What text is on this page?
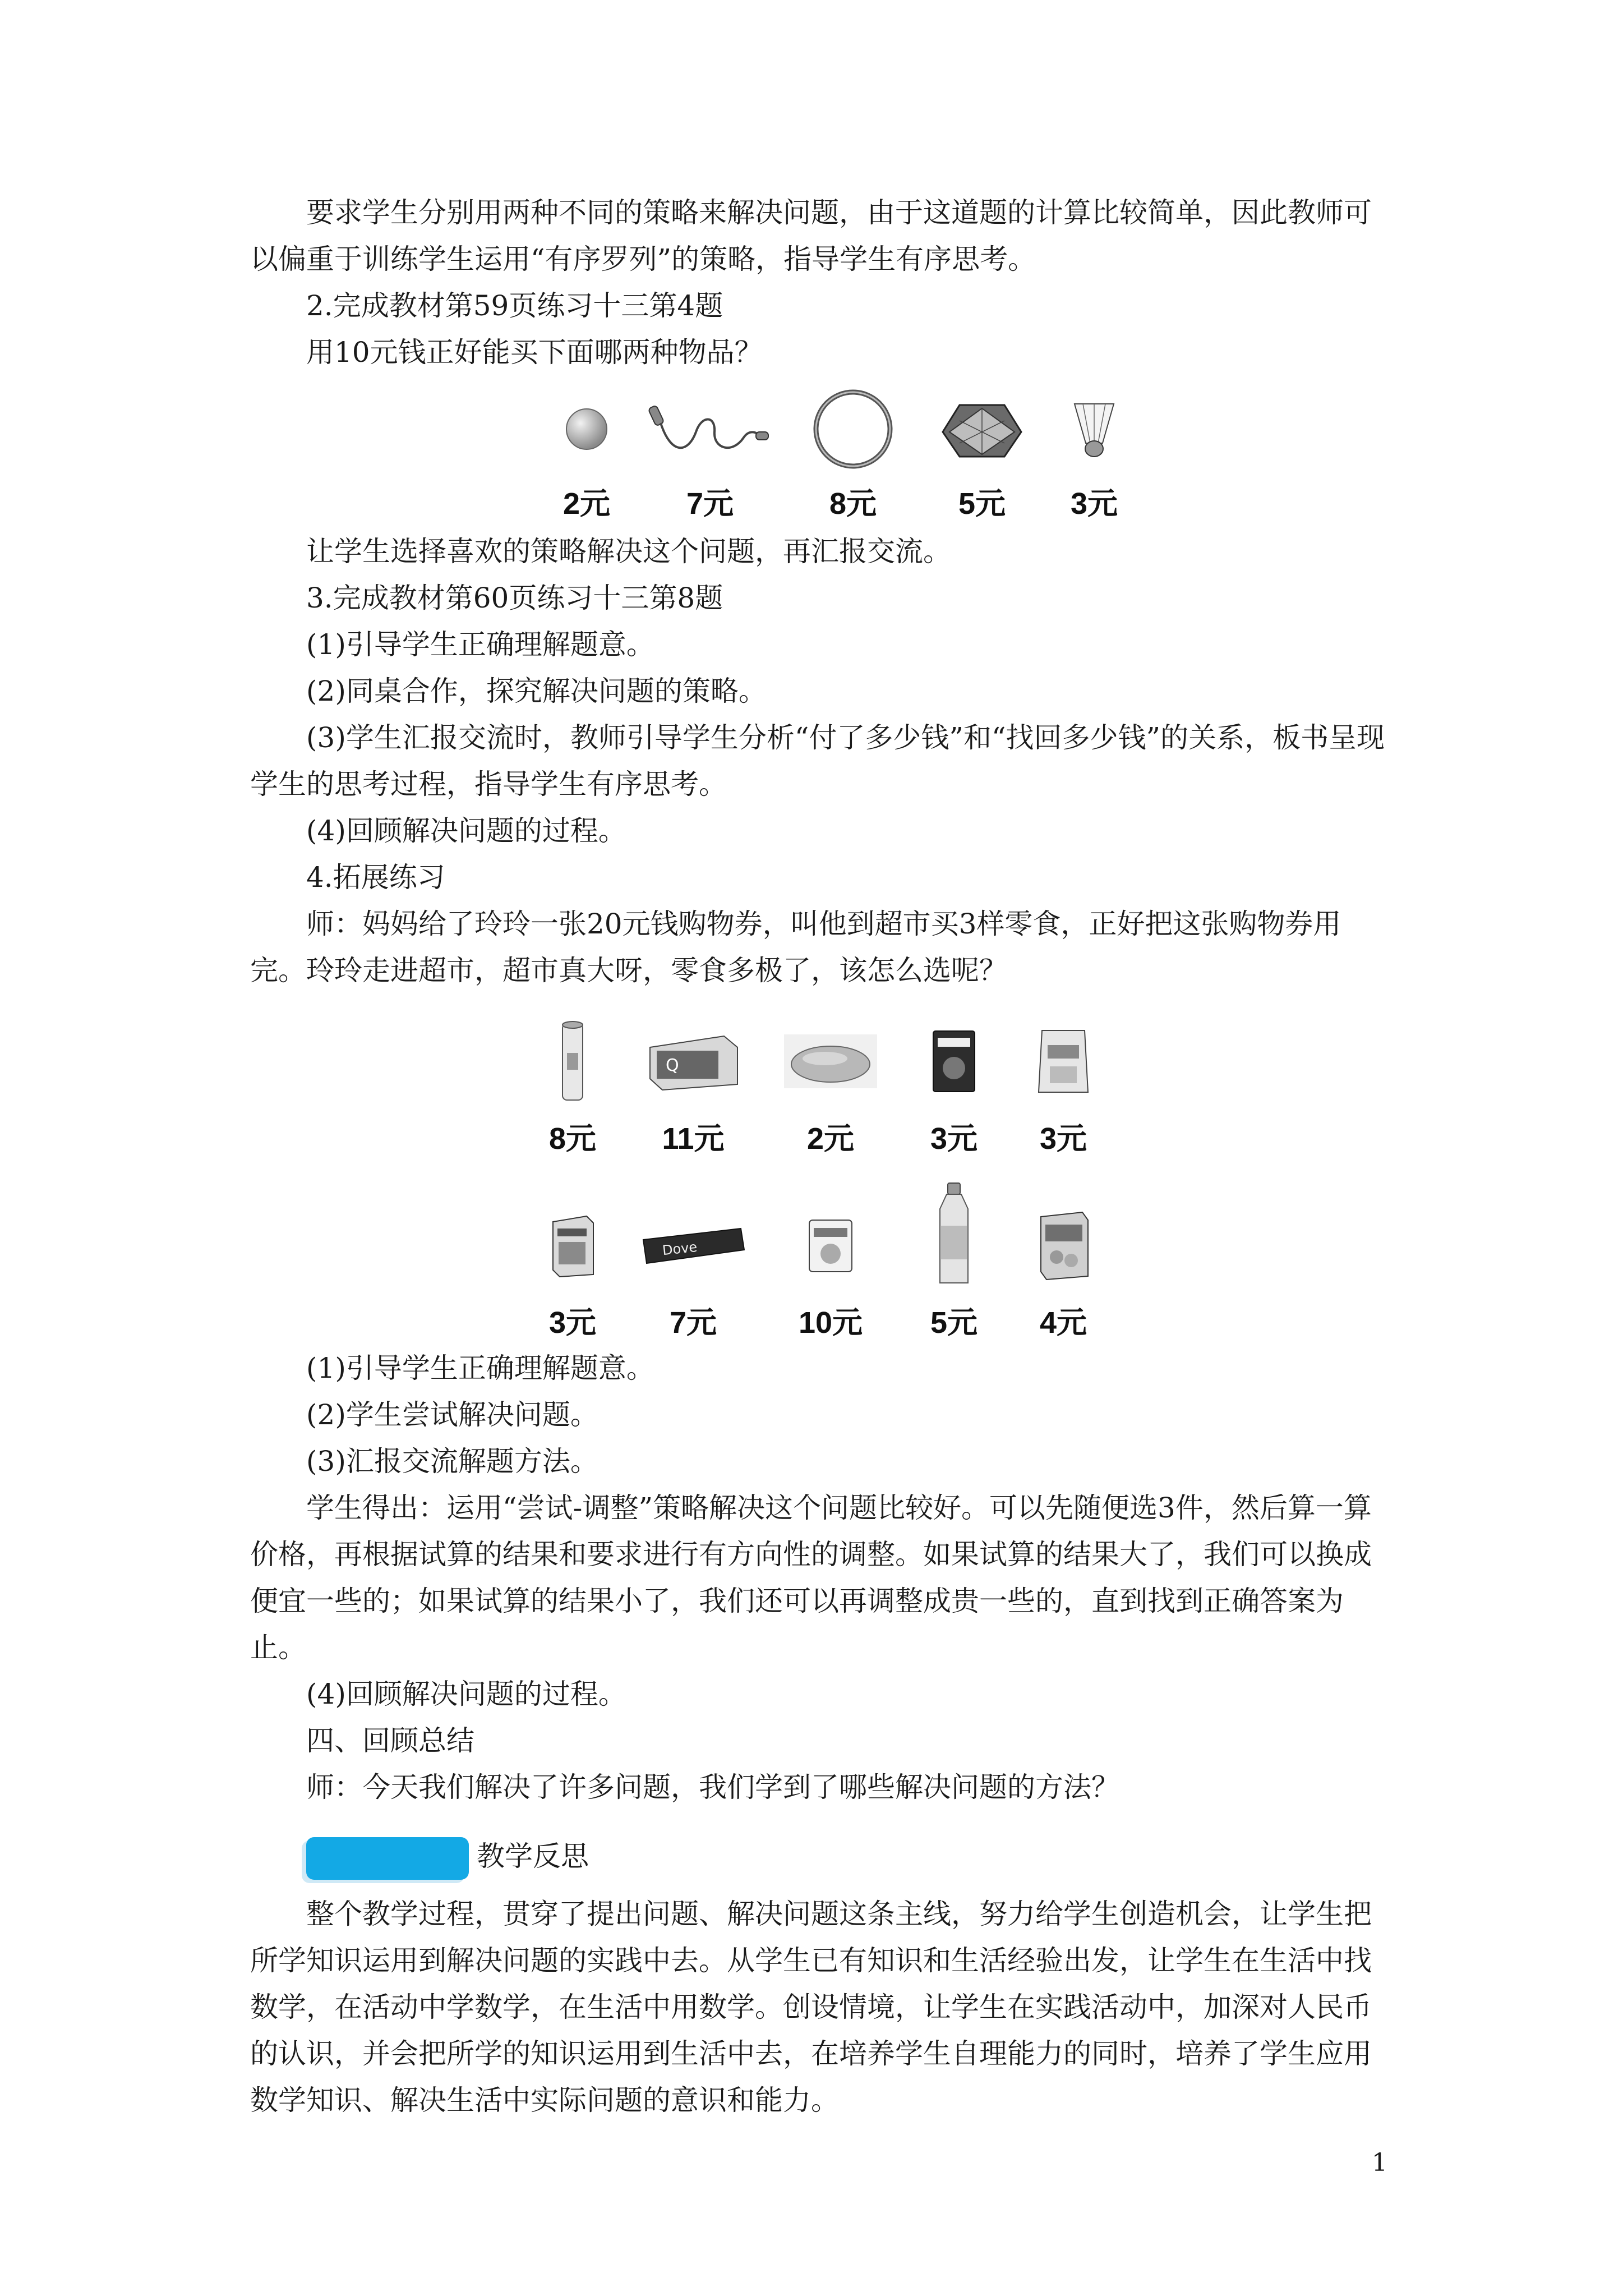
要求学生分别用两种不同的策略来解决问题，由于这道题的计算比较简单，因此教师可以偏重于训练学生运用“有序罗列”的策略，指导学生有序思考。

2.完成教材第59页练习十三第4题

用10元钱正好能买下面哪两种物品？

2元	7元	8元	5元 3元

让学生选择喜欢的策略解决这个问题，再汇报交流。

3.完成教材第60页练习十三第8题

(1)引导学生正确理解题意。

(2)同桌合作，探究解决问题的策略。

(3)学生汇报交流时，教师引导学生分析“付了多少钱”和“找回多少钱”的关系，板书呈现学生的思考过程，指导学生有序思考。

(4)回顾解决问题的过程。

4.拓展练习

师：妈妈给了玲玲一张20元钱购物券，叫他到超市买3样零食，正好把这张购物券用完。玲玲走进超市，超市真大呀，零食多极了，该怎么选呢？

8元
Q
11元	2元	3元 3元
3元
Dove
7元	10元 5元 4元

(1)引导学生正确理解题意。

(2)学生尝试解决问题。

(3)汇报交流解题方法。

学生得出：运用“尝试-调整”策略解决这个问题比较好。可以先随便选3件，然后算一算价格，再根据试算的结果和要求进行有方向性的调整。如果试算的结果大了，我们可以换成便宜一些的；如果试算的结果小了，我们还可以再调整成贵一些的，直到找到正确答案为止。

(4)回顾解决问题的过程。

四、回顾总结

师：今天我们解决了许多问题，我们学到了哪些解决问题的方法？

教学反思

整个教学过程，贯穿了提出问题、解决问题这条主线，努力给学生创造机会，让学生把所学知识运用到解决问题的实践中去。从学生已有知识和生活经验出发，让学生在生活中找数学，在活动中学数学，在生活中用数学。创设情境，让学生在实践活动中，加深对人民币的认识，并会把所学的知识运用到生活中去，在培养学生自理能力的同时，培养了学生应用数学知识、解决生活中实际问题的意识和能力。

1
